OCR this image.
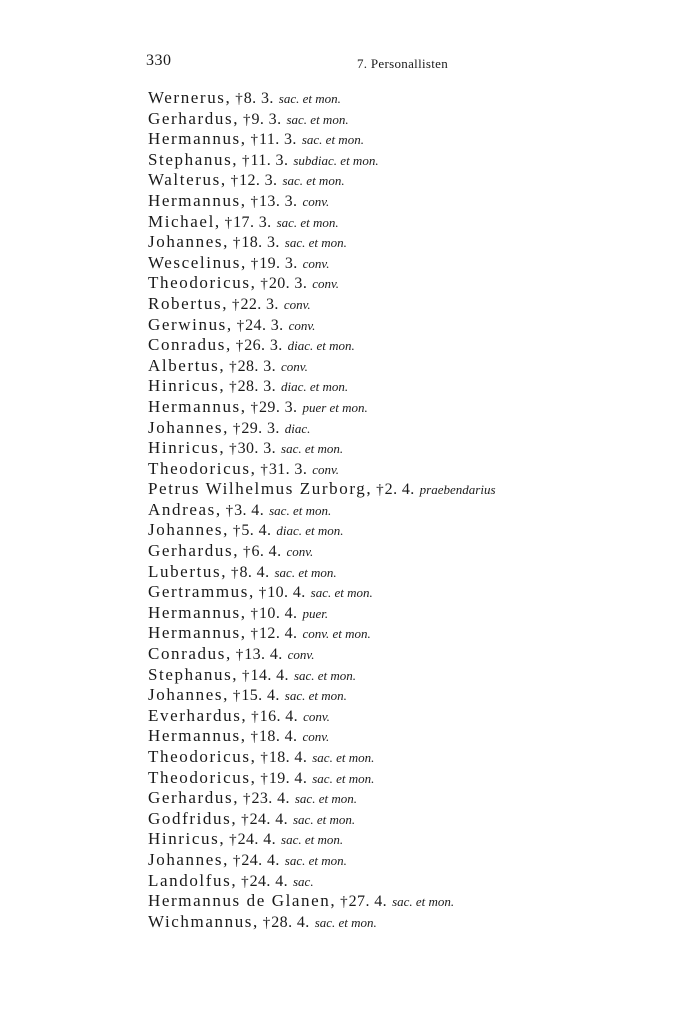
330	7. Personallisten
Wernerus, †8. 3. sac. et mon.
Gerhardus, †9. 3. sac. et mon.
Hermannus, †11. 3. sac. et mon.
Stephanus, †11. 3. subdiac. et mon.
Walterus, †12. 3. sac. et mon.
Hermannus, †13. 3. conv.
Michael, †17. 3. sac. et mon.
Johannes, †18. 3. sac. et mon.
Wescelinus, †19. 3. conv.
Theodoricus, †20. 3. conv.
Robertus, †22. 3. conv.
Gerwinus, †24. 3. conv.
Conradus, †26. 3. diac. et mon.
Albertus, †28. 3. conv.
Hinricus, †28. 3. diac. et mon.
Hermannus, †29. 3. puer et mon.
Johannes, †29. 3. diac.
Hinricus, †30. 3. sac. et mon.
Theodoricus, †31. 3. conv.
Petrus Wilhelmus Zurborg, †2. 4. praebendarius
Andreas, †3. 4. sac. et mon.
Johannes, †5. 4. diac. et mon.
Gerhardus, †6. 4. conv.
Lubertus, †8. 4. sac. et mon.
Gertrammus, †10. 4. sac. et mon.
Hermannus, †10. 4. puer.
Hermannus, †12. 4. conv. et mon.
Conradus, †13. 4. conv.
Stephanus, †14. 4. sac. et mon.
Johannes, †15. 4. sac. et mon.
Everhardus, †16. 4. conv.
Hermannus, †18. 4. conv.
Theodoricus, †18. 4. sac. et mon.
Theodoricus, †19. 4. sac. et mon.
Gerhardus, †23. 4. sac. et mon.
Godfridus, †24. 4. sac. et mon.
Hinricus, †24. 4. sac. et mon.
Johannes, †24. 4. sac. et mon.
Landolfus, †24. 4. sac.
Hermannus de Glanen, †27. 4. sac. et mon.
Wichmannus, †28. 4. sac. et mon.
